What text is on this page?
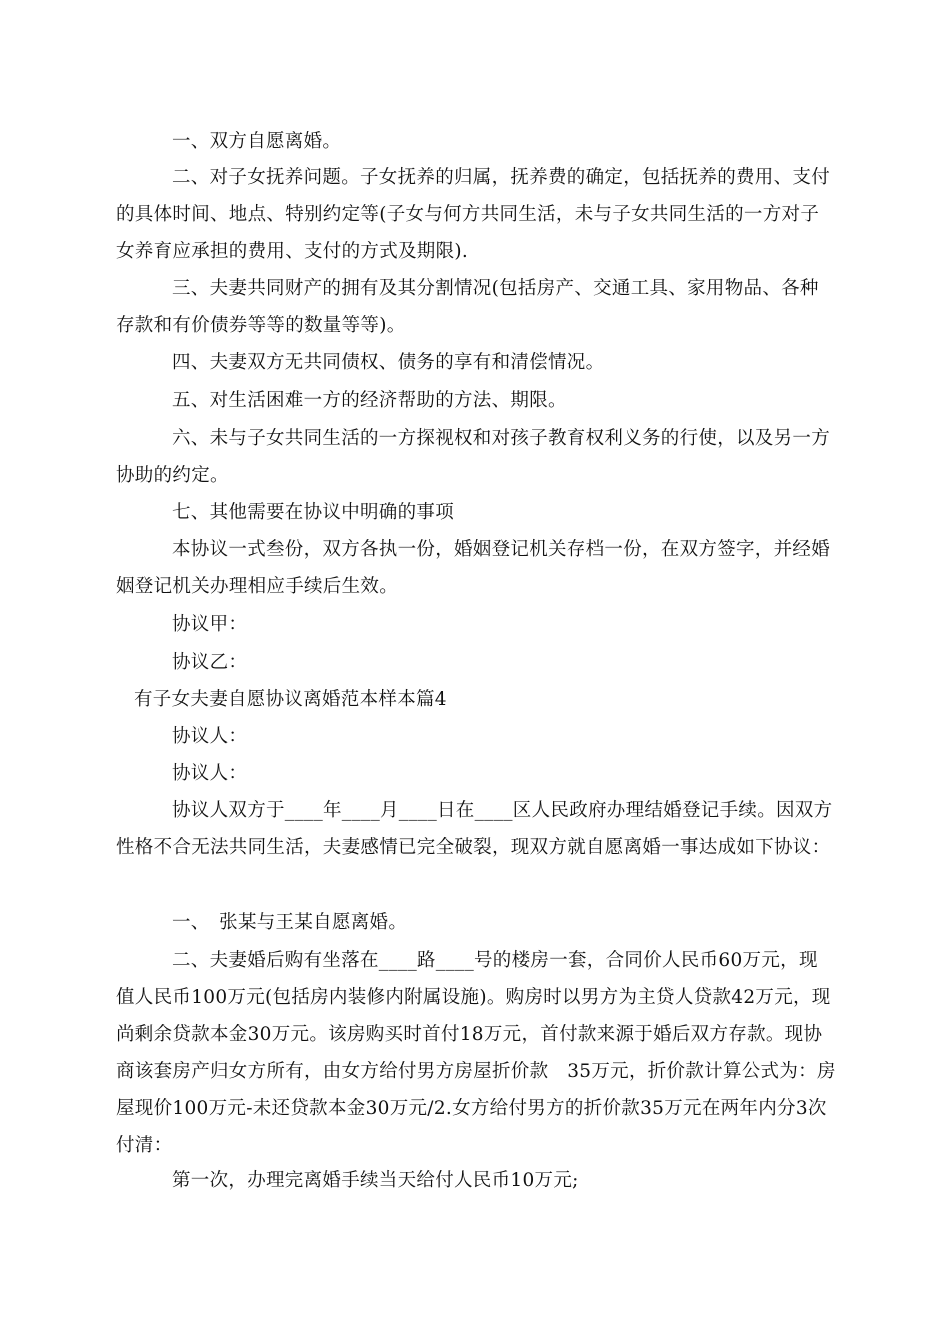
一、双方自愿离婚。

二、对子女抚养问题。子女抚养的归属，抚养费的确定，包括抚养的费用、支付的具体时间、地点、特别约定等(子女与何方共同生活，未与子女共同生活的一方对子女养育应承担的费用、支付的方式及期限).

三、夫妻共同财产的拥有及其分割情况(包括房产、交通工具、家用物品、各种存款和有价债券等等的数量等等)。

四、夫妻双方无共同债权、债务的享有和清偿情况。

五、对生活困难一方的经济帮助的方法、期限。

六、未与子女共同生活的一方探视权和对孩子教育权利义务的行使，以及另一方协助的约定。

七、其他需要在协议中明确的事项

本协议一式叁份，双方各执一份，婚姻登记机关存档一份，在双方签字，并经婚姻登记机关办理相应手续后生效。

协议甲：

协议乙：

有子女夫妻自愿协议离婚范本样本篇4

协议人：

协议人：

协议人双方于____年____月____日在____区人民政府办理结婚登记手续。因双方性格不合无法共同生活，夫妻感情已完全破裂，现双方就自愿离婚一事达成如下协议：

一、　张某与王某自愿离婚。

二、夫妻婚后购有坐落在____路____号的楼房一套，合同价人民币60万元，现值人民币100万元(包括房内装修内附属设施)。购房时以男方为主贷人贷款42万元，现尚剩余贷款本金30万元。该房购买时首付18万元，首付款来源于婚后双方存款。现协商该套房产归女方所有，由女方给付男方房屋折价款　35万元，折价款计算公式为：房屋现价100万元-未还贷款本金30万元/2.女方给付男方的折价款35万元在两年内分3次付清：

第一次，办理完离婚手续当天给付人民币10万元;
